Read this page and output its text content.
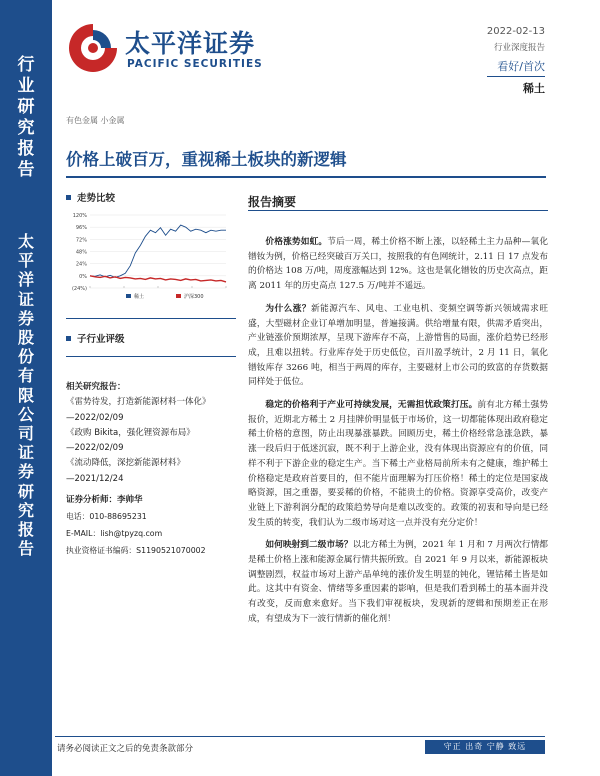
行
业
研
究
报
告
太
平
洋
证
券
股
份
有
限
公
司
证
券
研
究
报
告
太平洋证券
PACIFIC SECURITIES
2022-02-13
行业深度报告
看好/首次
稀土
有色金属 小金属
价格上破百万，重视稀土板块的新逻辑
走势比较
120%
96%
72%
48%
24%
0%
(24%)
稀土	沪深300
子行业评级
相关研究报告：
《雷势待发，打造新能源材料一体化》
—2022/02/09
《政购 Bikita，强化锂资源布局》
—2022/02/09
《流动降低，深挖新能源材料》
—2021/12/24
证券分析师：李帅华
电话：010-88695231
E-MAIL：lish@tpyzq.com
执业资格证书编码：S1190521070002
报告摘要

价格涨势如虹。节后一周，稀土价格不断上涨，以轻稀土主力品种—氧化镨钕为例，价格已经突破百万关口，按照我的有色网统计，2.11 日 17 点发布的价格达 108 万/吨，周度涨幅达到 12%。这也是氧化镨钕的历史次高点，距离 2011 年的历史高点 127.5 万/吨并不遥远。

为什么涨？新能源汽车、风电、工业电机、变频空调等新兴领域需求旺盛，大型磁材企业订单增加明显，普遍接满。供给增量有限，供需矛盾突出，产业链涨价预期浓厚，呈现下游库存不高，上游惜售的局面，涨价趋势已经形成，且难以扭转。行业库存处于历史低位，百川盈孚统计，2 月 11 日，氧化镨钕库存 3266 吨，相当于两周的库存，主要磁材上市公司的致富的存货数据同样处于低位。

稳定的价格利于产业可持续发展，无需担忧政策打压。前有北方稀土强势报价，近期北方稀土 2 月挂牌价明显低于市场价，这一切都能体现出政府稳定稀土价格的意图，防止出现暴涨暴跌。回顾历史，稀土价格经常急涨急跌，暴涨一段后归于低迷沉寂，既不利于上游企业，没有体现出资源应有的价值，同样不利于下游企业的稳定生产。当下稀土产业格局前所未有之健康，维护稀土价格稳定是政府首要目的，但不能片面理解为打压价格！稀土的定位是国家战略资源，国之重器，要妥稀的价格，不能贵土的价格。资源享受高价，改变产业链上下游利润分配的政策趋势导向是难以改变的。政策的初衷和导向是已经发生质的转变，我们认为二级市场对这一点并没有充分定价！

如何映射到二级市场？以北方稀土为例，2021 年 1 月和 7 月两次行情都是稀土价格上涨和能源金属行情共振所致。自 2021 年 9 月以来，新能源板块调整剧烈，权益市场对上游产品单纯的涨价发生明显的钝化，锂钴稀土皆是如此。这其中有资金、情绪等多重因素的影响，但是我们看到稀土的基本面并没有改变，反而愈来愈好。当下我们审视板块，发现新的逻辑和预期差正在形成，有望成为下一波行情新的催化剂！

请务必阅读正文之后的免责条款部分	守正 出奇 宁静 致远
